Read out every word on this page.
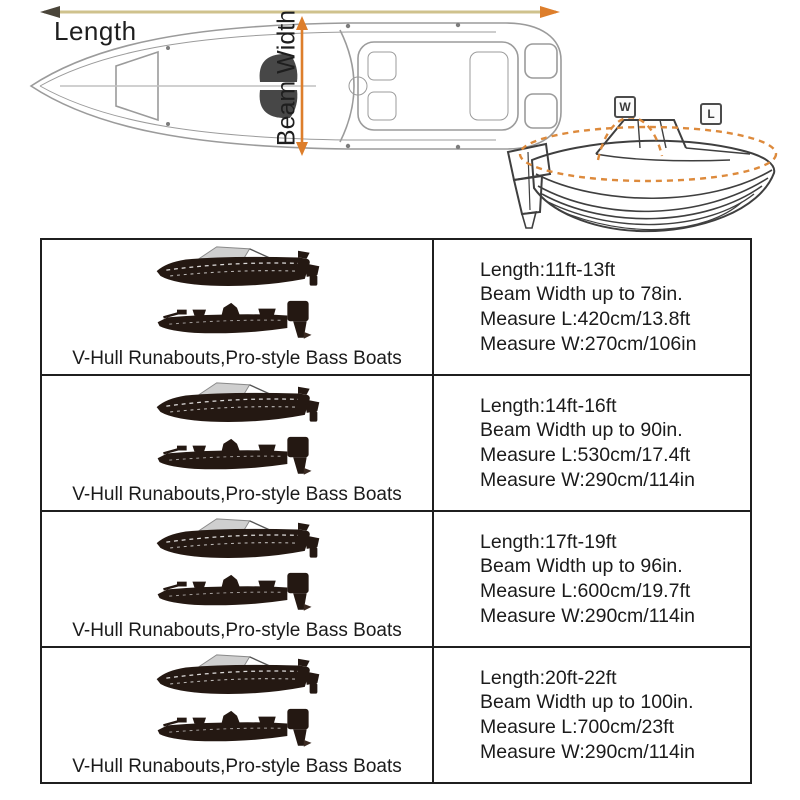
Length	Beam Width	W	L
V-Hull Runabouts,Pro-style Bass Boats
Length:11ft-13ft
Beam Width up to 78in.
Measure L:420cm/13.8ft
Measure W:270cm/106in
V-Hull Runabouts,Pro-style Bass Boats
Length:14ft-16ft
Beam Width up to 90in.
Measure L:530cm/17.4ft
Measure W:290cm/114in
V-Hull Runabouts,Pro-style Bass Boats
Length:17ft-19ft
Beam Width up to 96in.
Measure L:600cm/19.7ft
Measure W:290cm/114in
V-Hull Runabouts,Pro-style Bass Boats
Length:20ft-22ft
Beam Width up to 100in.
Measure L:700cm/23ft
Measure W:290cm/114in
